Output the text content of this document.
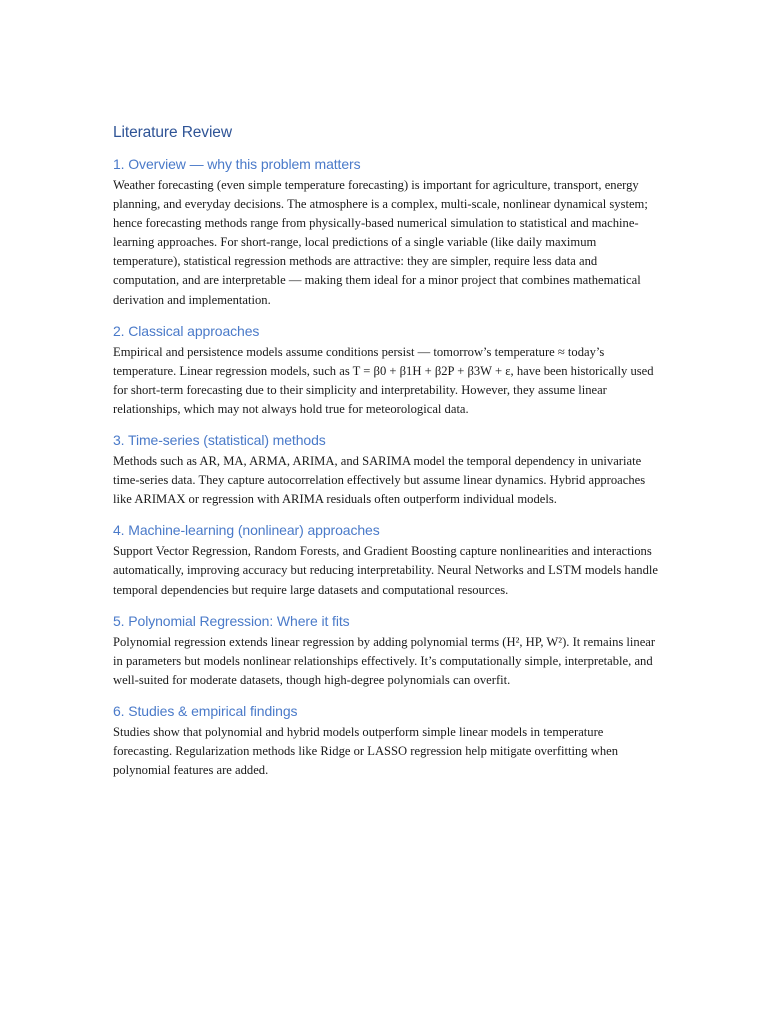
Literature Review
1. Overview — why this problem matters

Weather forecasting (even simple temperature forecasting) is important for agriculture, transport, energy planning, and everyday decisions. The atmosphere is a complex, multi-scale, nonlinear dynamical system; hence forecasting methods range from physically-based numerical simulation to statistical and machine-learning approaches. For short-range, local predictions of a single variable (like daily maximum temperature), statistical regression methods are attractive: they are simpler, require less data and computation, and are interpretable — making them ideal for a minor project that combines mathematical derivation and implementation.

2. Classical approaches

Empirical and persistence models assume conditions persist — tomorrow’s temperature ≈ today’s temperature. Linear regression models, such as T = β0 + β1H + β2P + β3W + ε, have been historically used for short-term forecasting due to their simplicity and interpretability. However, they assume linear relationships, which may not always hold true for meteorological data.

3. Time-series (statistical) methods

Methods such as AR, MA, ARMA, ARIMA, and SARIMA model the temporal dependency in univariate time-series data. They capture autocorrelation effectively but assume linear dynamics. Hybrid approaches like ARIMAX or regression with ARIMA residuals often outperform individual models.

4. Machine-learning (nonlinear) approaches

Support Vector Regression, Random Forests, and Gradient Boosting capture nonlinearities and interactions automatically, improving accuracy but reducing interpretability. Neural Networks and LSTM models handle temporal dependencies but require large datasets and computational resources.

5. Polynomial Regression: Where it fits

Polynomial regression extends linear regression by adding polynomial terms (H², HP, W²). It remains linear in parameters but models nonlinear relationships effectively. It’s computationally simple, interpretable, and well-suited for moderate datasets, though high-degree polynomials can overfit.

6. Studies & empirical findings

Studies show that polynomial and hybrid models outperform simple linear models in temperature forecasting. Regularization methods like Ridge or LASSO regression help mitigate overfitting when polynomial features are added.
